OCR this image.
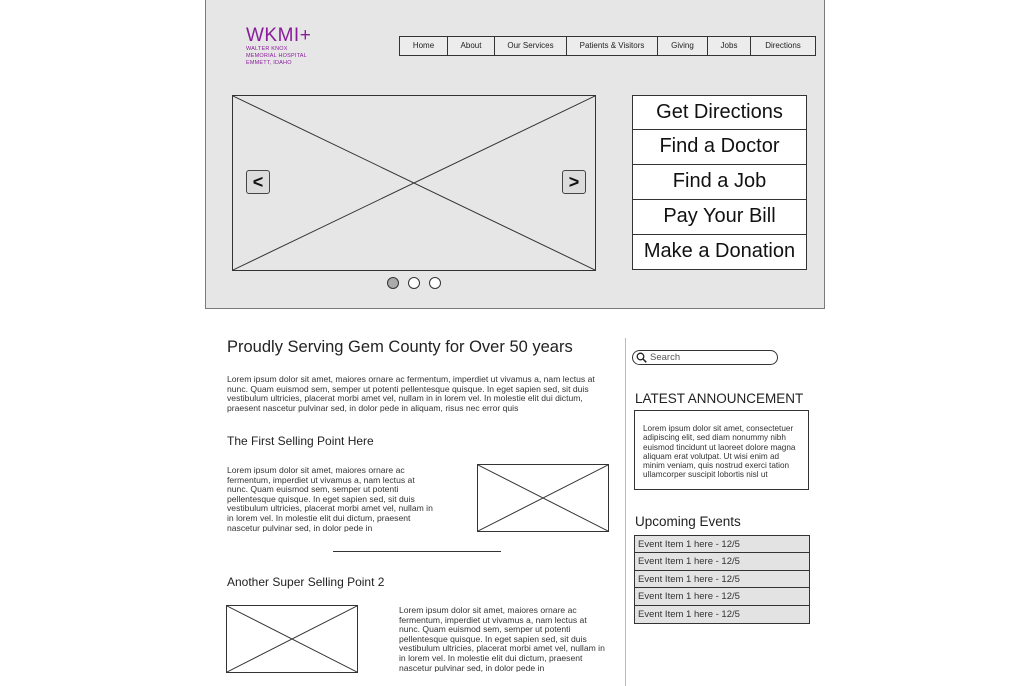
WKMI+
WALTER KNOX
MEMORIAL HOSPITAL
EMMETT, IDAHO
Home	About	Our Services	Patients & Visitors	Giving	Jobs	Directions
<	>
Get Directions
Find a Doctor
Find a Job
Pay Your Bill
Make a Donation
Proudly Serving Gem County for Over 50 years
Lorem ipsum dolor sit amet, maiores ornare ac fermentum, imperdiet ut vivamus a, nam lectus at nunc. Quam euismod sem, semper ut potenti pellentesque quisque. In eget sapien sed, sit duis vestibulum ultricies, placerat morbi amet vel, nullam in in lorem vel. In molestie elit dui dictum, praesent nascetur pulvinar sed, in dolor pede in aliquam, risus nec error quis
The First Selling Point Here
Lorem ipsum dolor sit amet, maiores ornare ac fermentum, imperdiet ut vivamus a, nam lectus at nunc. Quam euismod sem, semper ut potenti pellentesque quisque. In eget sapien sed, sit duis vestibulum ultricies, placerat morbi amet vel, nullam in in lorem vel. In molestie elit dui dictum, praesent nascetur pulvinar sed, in dolor pede in
Another Super Selling Point 2
Lorem ipsum dolor sit amet, maiores ornare ac fermentum, imperdiet ut vivamus a, nam lectus at nunc. Quam euismod sem, semper ut potenti pellentesque quisque. In eget sapien sed, sit duis vestibulum ultricies, placerat morbi amet vel, nullam in in lorem vel. In molestie elit dui dictum, praesent nascetur pulvinar sed, in dolor pede in
Search
LATEST ANNOUNCEMENT
Lorem ipsum dolor sit amet, consectetuer adipiscing elit, sed diam nonummy nibh euismod tincidunt ut laoreet dolore magna aliquam erat volutpat. Ut wisi enim ad minim veniam, quis nostrud exerci tation ullamcorper suscipit lobortis nisl ut
Upcoming Events
Event Item 1 here - 12/5
Event Item 1 here - 12/5
Event Item 1 here - 12/5
Event Item 1 here - 12/5
Event Item 1 here - 12/5
